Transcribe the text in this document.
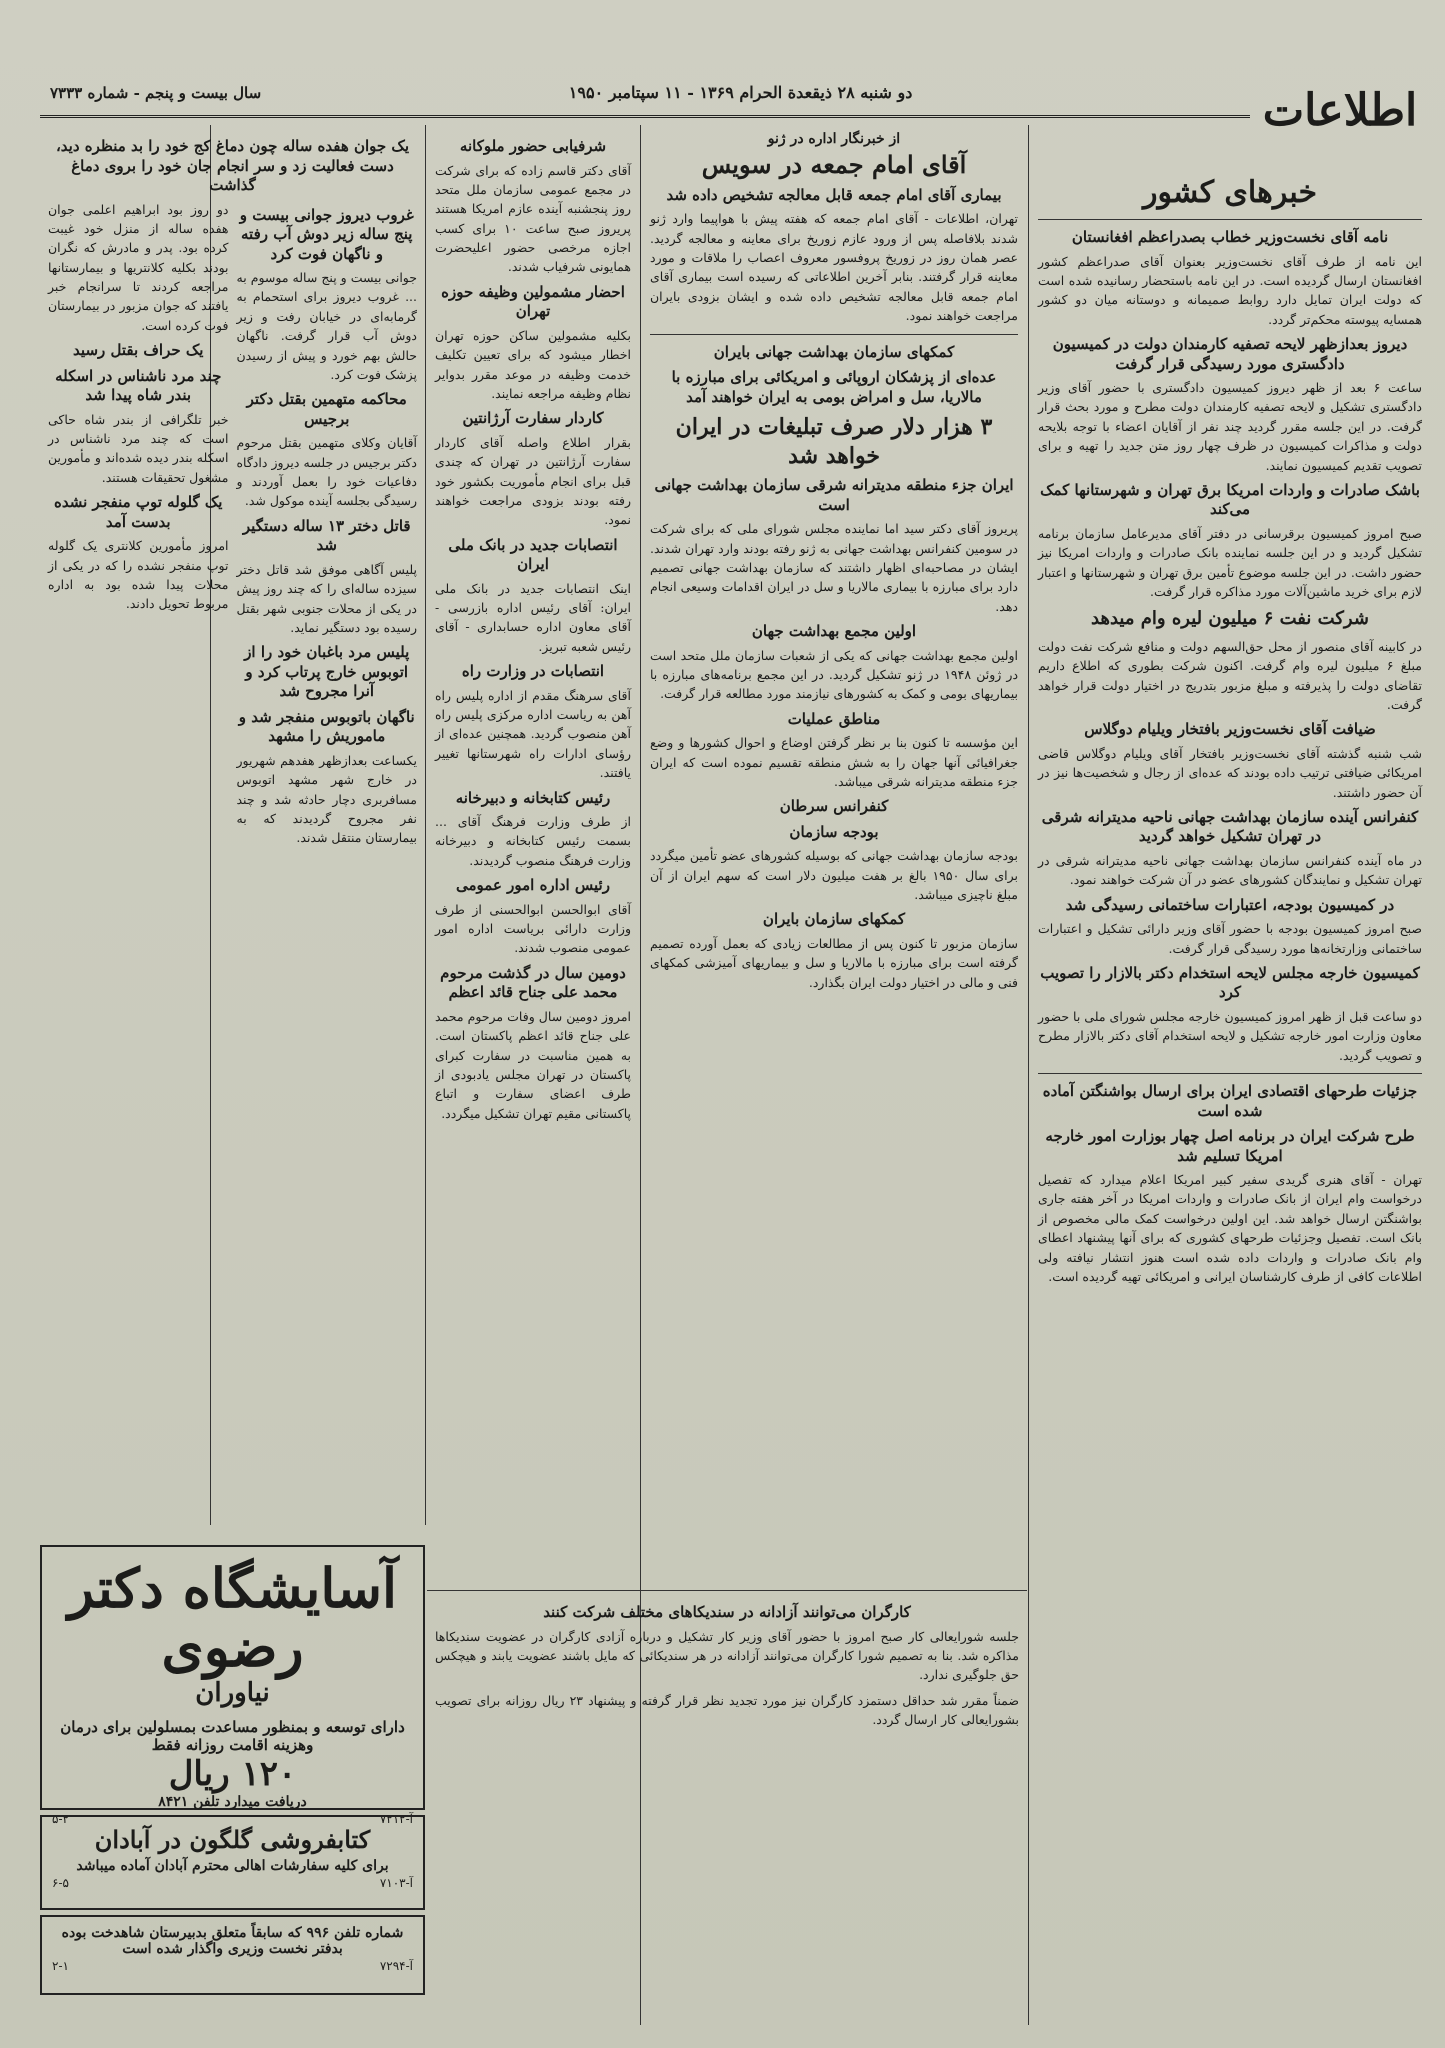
سال بیست و پنجم - شماره ۷۳۳۳	دو شنبه ۲۸ ذیقعدة الحرام ۱۳۶۹ - ۱۱ سپتامبر ۱۹۵۰	اطلاعات
خبرهای کشور
نامه آقای نخست‌وزیر خطاب بصدراعظم افغانستان

این نامه از طرف آقای نخست‌وزیر بعنوان آقای صدراعظم کشور افغانستان ارسال گردیده است. در این نامه باستحضار رسانیده شده است که دولت ایران تمایل دارد روابط صمیمانه و دوستانه میان دو کشور همسایه پیوسته محکم‌تر گردد.

دیروز بعدازظهر لایحه تصفیه کارمندان دولت در کمیسیون دادگستری مورد رسیدگی قرار گرفت

ساعت ۶ بعد از ظهر دیروز کمیسیون دادگستری با حضور آقای وزیر دادگستری تشکیل و لایحه تصفیه کارمندان دولت مطرح و مورد بحث قرار گرفت. در این جلسه مقرر گردید چند نفر از آقایان اعضاء با توجه بلایحه دولت و مذاکرات کمیسیون در ظرف چهار روز متن جدید را تهیه و برای تصویب تقدیم کمیسیون نمایند.

باشک صادرات و واردات امریکا برق تهران و شهرستانها کمک می‌کند

صبح امروز کمیسیون برقرسانی در دفتر آقای مدیرعامل سازمان برنامه تشکیل گردید و در این جلسه نماینده بانک صادرات و واردات امریکا نیز حضور داشت. در این جلسه موضوع تأمین برق تهران و شهرستانها و اعتبار لازم برای خرید ماشین‌آلات مورد مذاکره قرار گرفت.

شرکت نفت ۶ میلیون لیره وام میدهد

در کابینه آقای منصور از محل حق‌السهم دولت و منافع شرکت نفت دولت مبلغ ۶ میلیون لیره وام گرفت. اکنون شرکت بطوری که اطلاع داریم تقاضای دولت را پذیرفته و مبلغ مزبور بتدریج در اختیار دولت قرار خواهد گرفت.

ضیافت آقای نخست‌وزیر بافتخار ویلیام دوگلاس

شب شنبه گذشته آقای نخست‌وزیر بافتخار آقای ویلیام دوگلاس قاضی امریکائی ضیافتی ترتیب داده بودند که عده‌ای از رجال و شخصیت‌ها نیز در آن حضور داشتند.

کنفرانس آینده سازمان بهداشت جهانی ناحیه مدیترانه شرقی در تهران تشکیل خواهد گردید

در ماه آینده کنفرانس سازمان بهداشت جهانی ناحیه مدیترانه شرقی در تهران تشکیل و نمایندگان کشورهای عضو در آن شرکت خواهند نمود.

در کمیسیون بودجه، اعتبارات ساختمانی رسیدگی شد

صبح امروز کمیسیون بودجه با حضور آقای وزیر دارائی تشکیل و اعتبارات ساختمانی وزارتخانه‌ها مورد رسیدگی قرار گرفت.

کمیسیون خارجه مجلس لایحه استخدام دکتر بالازار را تصویب کرد

دو ساعت قبل از ظهر امروز کمیسیون خارجه مجلس شورای ملی با حضور معاون وزارت امور خارجه تشکیل و لایحه استخدام آقای دکتر بالازار مطرح و تصویب گردید.

جزئیات طرحهای اقتصادی ایران برای ارسال بواشنگتن آماده شده است
طرح شرکت ایران در برنامه اصل چهار بوزارت امور خارجه امریکا تسلیم شد

تهران - آقای هنری گریدی سفیر کبیر امریکا اعلام میدارد که تفصیل درخواست وام ایران از بانک صادرات و واردات امریکا در آخر هفته جاری بواشنگتن ارسال خواهد شد. این اولین درخواست کمک مالی مخصوص از بانک است. تفصیل وجزئیات طرحهای کشوری که برای آنها پیشنهاد اعطای وام بانک صادرات و واردات داده شده است هنوز انتشار نیافته ولی اطلاعات کافی از طرف کارشناسان ایرانی و امریکائی تهیه گردیده است.

از خبرنگار اداره در ژنو
آقای امام جمعه در سویس
بیماری آقای امام جمعه قابل معالجه تشخیص داده شد

تهران، اطلاعات - آقای امام جمعه که هفته پیش با هواپیما وارد ژنو شدند بلافاصله پس از ورود عازم زوریخ برای معاینه و معالجه گردید. عصر همان روز در زوریخ پروفسور معروف اعصاب را ملاقات و مورد معاینه قرار گرفتند. بنابر آخرین اطلاعاتی که رسیده است بیماری آقای امام جمعه قابل معالجه تشخیص داده شده و ایشان بزودی بایران مراجعت خواهند نمود.

کمکهای سازمان بهداشت جهانی بایران
عده‌ای از پزشکان اروپائی و امریکائی برای مبارزه با مالاریا، سل و امراض بومی به ایران خواهند آمد
۳ هزار دلار صرف تبلیغات در ایران خواهد شد
ایران جزء منطقه مدیترانه شرقی سازمان بهداشت جهانی است

پریروز آقای دکتر سید اما نماینده مجلس شورای ملی که برای شرکت در سومین کنفرانس بهداشت جهانی به ژنو رفته بودند وارد تهران شدند. ایشان در مصاحبه‌ای اظهار داشتند که سازمان بهداشت جهانی تصمیم دارد برای مبارزه با بیماری مالاریا و سل در ایران اقدامات وسیعی انجام دهد.

اولین مجمع بهداشت جهان

اولین مجمع بهداشت جهانی که یکی از شعبات سازمان ملل متحد است در ژوئن ۱۹۴۸ در ژنو تشکیل گردید. در این مجمع برنامه‌های مبارزه با بیماریهای بومی و کمک به کشورهای نیازمند مورد مطالعه قرار گرفت.

مناطق عملیات

این مؤسسه تا کنون بنا بر نظر گرفتن اوضاع و احوال کشورها و وضع جغرافیائی آنها جهان را به شش منطقه تقسیم نموده است که ایران جزء منطقه مدیترانه شرقی میباشد.

کنفرانس سرطان
بودجه سازمان

بودجه سازمان بهداشت جهانی که بوسیله کشورهای عضو تأمین میگردد برای سال ۱۹۵۰ بالغ بر هفت میلیون دلار است که سهم ایران از آن مبلغ ناچیزی میباشد.

کمکهای سازمان بایران

سازمان مزبور تا کنون پس از مطالعات زیادی که بعمل آورده تصمیم گرفته است برای مبارزه با مالاریا و سل و بیماریهای آمیزشی کمکهای فنی و مالی در اختیار دولت ایران بگذارد.

شرفیابی حضور ملوکانه

آقای دکتر قاسم زاده که برای شرکت در مجمع عمومی سازمان ملل متحد روز پنجشنبه آینده عازم امریکا هستند پریروز صبح ساعت ۱۰ برای کسب اجازه مرخصی حضور اعلیحضرت همایونی شرفیاب شدند.

احضار مشمولین وظیفه حوزه تهران

بکلیه مشمولین ساکن حوزه تهران اخطار میشود که برای تعیین تکلیف خدمت وظیفه در موعد مقرر بدوایر نظام وظیفه مراجعه نمایند.

کاردار سفارت آرژانتین

بقرار اطلاع واصله آقای کاردار سفارت آرژانتین در تهران که چندی قبل برای انجام مأموریت بکشور خود رفته بودند بزودی مراجعت خواهند نمود.

انتصابات جدید در بانک ملی ایران

اینک انتصابات جدید در بانک ملی ایران: آقای رئیس اداره بازرسی - آقای معاون اداره حسابداری - آقای رئیس شعبه تبریز.

انتصابات در وزارت راه

آقای سرهنگ مقدم از اداره پلیس راه آهن به ریاست اداره مرکزی پلیس راه آهن منصوب گردید. همچنین عده‌ای از رؤسای ادارات راه شهرستانها تغییر یافتند.

رئیس کتابخانه و دبیرخانه

از طرف وزارت فرهنگ آقای ... بسمت رئیس کتابخانه و دبیرخانه وزارت فرهنگ منصوب گردیدند.

رئیس اداره امور عمومی

آقای ابوالحسن ابوالحسنی از طرف وزارت دارائی بریاست اداره امور عمومی منصوب شدند.

دومین سال در گذشت مرحوم محمد علی جناح قائد اعظم

امروز دومین سال وفات مرحوم محمد علی جناح قائد اعظم پاکستان است. به همین مناسبت در سفارت کبرای پاکستان در تهران مجلس یادبودی از طرف اعضای سفارت و اتباع پاکستانی مقیم تهران تشکیل میگردد.

یک جوان هفده ساله چون دماغ کج خود را بد منظره دید، دست فعالیت زد و سر انجام جان خود را بروی دماغ گذاشت

دو روز بود ابراهیم اعلمی جوان هفده ساله از منزل خود غیبت کرده بود. پدر و مادرش که نگران بودند بکلیه کلانتریها و بیمارستانها مراجعه کردند تا سرانجام خبر یافتند که جوان مزبور در بیمارستان فوت کرده است.

یک حراف بقتل رسید
چند مرد ناشناس در اسکله بندر شاه پیدا شد

خبر تلگرافی از بندر شاه حاکی است که چند مرد ناشناس در اسکله بندر دیده شده‌اند و مأمورین مشغول تحقیقات هستند.

یک گلوله توپ منفجر نشده بدست آمد

امروز مأمورین کلانتری یک گلوله توپ منفجر نشده را که در یکی از محلات پیدا شده بود به اداره مربوط تحویل دادند.

غروب دیروز جوانی بیست و پنج ساله زیر دوش آب رفته و ناگهان فوت کرد

جوانی بیست و پنج ساله موسوم به ... غروب دیروز برای استحمام به گرمابه‌ای در خیابان رفت و زیر دوش آب قرار گرفت. ناگهان حالش بهم خورد و پیش از رسیدن پزشک فوت کرد.

محاکمه متهمین بقتل دکتر برجیس

آقایان وکلای متهمین بقتل مرحوم دکتر برجیس در جلسه دیروز دادگاه دفاعیات خود را بعمل آوردند و رسیدگی بجلسه آینده موکول شد.

قاتل دختر ۱۳ ساله دستگیر شد

پلیس آگاهی موفق شد قاتل دختر سیزده ساله‌ای را که چند روز پیش در یکی از محلات جنوبی شهر بقتل رسیده بود دستگیر نماید.

پلیس مرد باغبان خود را از اتوبوس خارج پرتاب کرد و آنرا مجروح شد
ناگهان باتوبوس منفجر شد و ماموریش را مشهد

یکساعت بعدازظهر هفدهم شهریور در خارج شهر مشهد اتوبوس مسافربری دچار حادثه شد و چند نفر مجروح گردیدند که به بیمارستان منتقل شدند.

کارگران می‌توانند آزادانه در سندیکاهای مختلف شرکت کنند

جلسه شورایعالی کار صبح امروز با حضور آقای وزیر کار تشکیل و درباره آزادی کارگران در عضویت سندیکاها مذاکره شد. بنا به تصمیم شورا کارگران می‌توانند آزادانه در هر سندیکائی که مایل باشند عضویت یابند و هیچکس حق جلوگیری ندارد.

ضمناً مقرر شد حداقل دستمزد کارگران نیز مورد تجدید نظر قرار گرفته و پیشنهاد ۲۳ ریال روزانه برای تصویب بشورایعالی کار ارسال گردد.

آسایشگاه دکتر رضوی
نیاوران
دارای توسعه و بمنظور مساعدت بمسلولین برای درمان وهزینه اقامت روزانه فقط
۱۲۰ ریال
دریافت میدارد تلفن ۸۴۲۱
آ-۷۲۱۲
۵-۲
کتابفروشی گلگون در آبادان
برای کلیه سفارشات اهالی محترم آبادان آماده میباشد
آ-۷۱۰۳
۶-۵
شماره تلفن ۹۹۶ که سابقاً متعلق بدبیرستان شاهدخت بوده بدفتر نخست وزیری واگذار شده است
آ-۷۲۹۴
۲-۱
